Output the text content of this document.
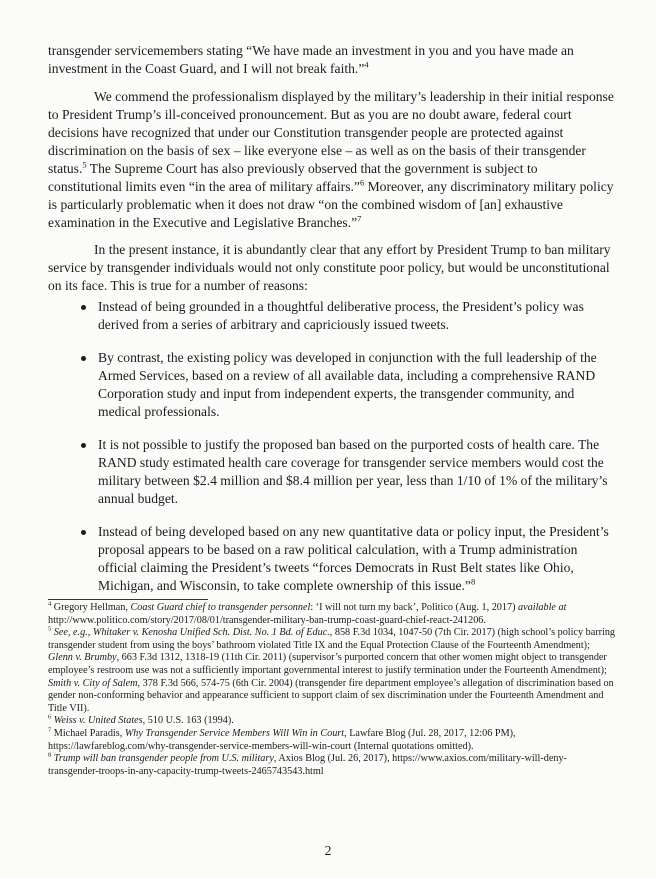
transgender servicemembers stating “We have made an investment in you and you have made an investment in the Coast Guard, and I will not break faith.”$^4$

We commend the professionalism displayed by the military’s leadership in their initial response to President Trump’s ill-conceived pronouncement. But as you are no doubt aware, federal court decisions have recognized that under our Constitution transgender people are protected against discrimination on the basis of sex – like everyone else – as well as on the basis of their transgender status.$^5$ The Supreme Court has also previously observed that the government is subject to constitutional limits even “in the area of military affairs.”$^6$ Moreover, any discriminatory military policy is particularly problematic when it does not draw “on the combined wisdom of [an] exhaustive examination in the Executive and Legislative Branches.”$^7$

In the present instance, it is abundantly clear that any effort by President Trump to ban military service by transgender individuals would not only constitute poor policy, but would be unconstitutional on its face. This is true for a number of reasons:

Instead of being grounded in a thoughtful deliberative process, the President’s policy was derived from a series of arbitrary and capriciously issued tweets.
By contrast, the existing policy was developed in conjunction with the full leadership of the Armed Services, based on a review of all available data, including a comprehensive RAND Corporation study and input from independent experts, the transgender community, and medical professionals.
It is not possible to justify the proposed ban based on the purported costs of health care. The RAND study estimated health care coverage for transgender service members would cost the military between $2.4 million and $8.4 million per year, less than 1/10 of 1% of the military’s annual budget.
Instead of being developed based on any new quantitative data or policy input, the President’s proposal appears to be based on a raw political calculation, with a Trump administration official claiming the President’s tweets “forces Democrats in Rust Belt states like Ohio, Michigan, and Wisconsin, to take complete ownership of this issue.”$^8$

$^4$ Gregory Hellman, Coast Guard chief to transgender personnel: ‘I will not turn my back’, Politico (Aug. 1, 2017) available at http://www.politico.com/story/2017/08/01/transgender-military-ban-trump-coast-guard-chief-react-241206.

$^5$ See, e.g., Whitaker v. Kenosha Unified Sch. Dist. No. 1 Bd. of Educ., 858 F.3d 1034, 1047-50 (7th Cir. 2017) (high school’s policy barring transgender student from using the boys’ bathroom violated Title IX and the Equal Protection Clause of the Fourteenth Amendment); Glenn v. Brumby, 663 F.3d 1312, 1318-19 (11th Cir. 2011) (supervisor’s purported concern that other women might object to transgender employee’s restroom use was not a sufficiently important governmental interest to justify termination under the Fourteenth Amendment); Smith v. City of Salem, 378 F.3d 566, 574-75 (6th Cir. 2004) (transgender fire department employee’s allegation of discrimination based on gender non-conforming behavior and appearance sufficient to support claim of sex discrimination under the Fourteenth Amendment and Title VII).

$^6$ Weiss v. United States, 510 U.S. 163 (1994).

$^7$ Michael Paradis, Why Transgender Service Members Will Win in Court, Lawfare Blog (Jul. 28, 2017, 12:06 PM), https://lawfareblog.com/why-transgender-service-members-will-win-court (Internal quotations omitted).

$^8$ Trump will ban transgender people from U.S. military, Axios Blog (Jul. 26, 2017), https://www.axios.com/military-will-deny-transgender-troops-in-any-capacity-trump-tweets-2465743543.html

2
